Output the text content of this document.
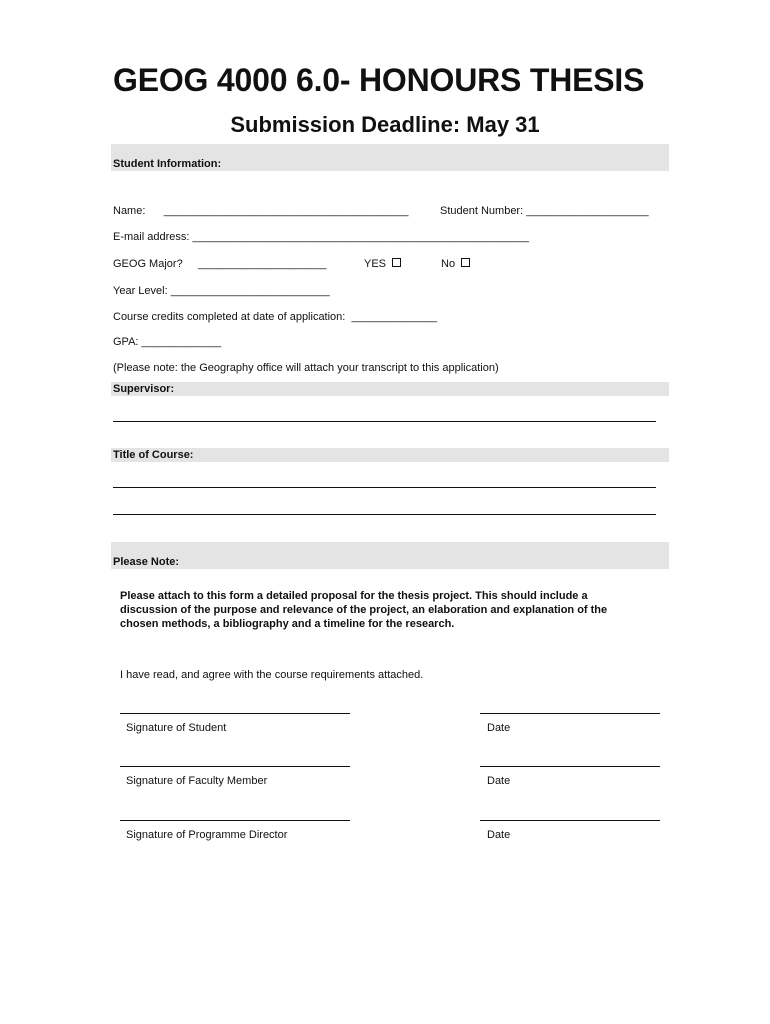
GEOG 4000 6.0- HONOURS THESIS
Submission Deadline: May 31
Student Information:
Name:      ________________________________________	Student Number: ____________________
E-mail address: _______________________________________________________
GEOG Major?     _____________________	YES	No
Year Level: __________________________
Course credits completed at date of application:  ______________
GPA: _____________
(Please note: the Geography office will attach your transcript to this application)
Supervisor:
Title of Course:
Please Note:
Please attach to this form a detailed proposal for the thesis project. This should include a discussion of the purpose and relevance of the project, an elaboration and explanation of the chosen methods, a bibliography and a timeline for the research.
I have read, and agree with the course requirements attached.
Signature of Student	Date
Signature of Faculty Member	Date
Signature of Programme Director	Date
